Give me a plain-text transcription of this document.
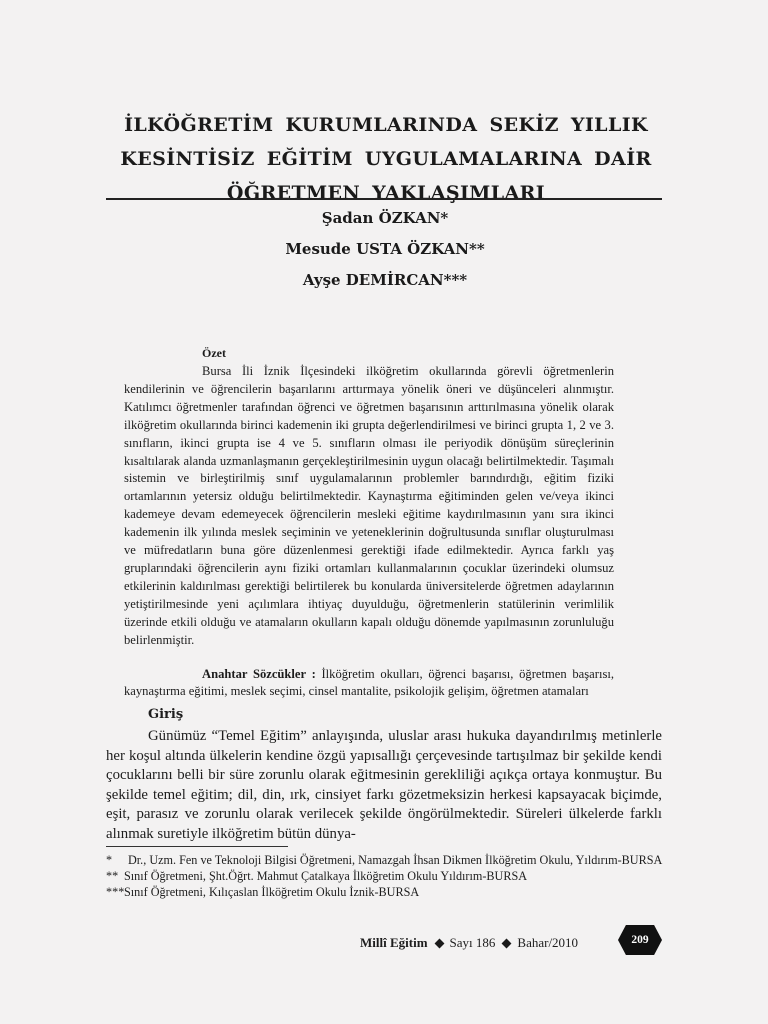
İLKÖĞRETİM KURUMLARINDA SEKİZ YILLIK
KESİNTİSİZ EĞİTİM UYGULAMALARINA DAİR
ÖĞRETMEN YAKLAŞIMLARI
Şadan ÖZKAN*
Mesude USTA ÖZKAN**
Ayşe DEMİRCAN***
Özet

Bursa İli İznik İlçesindeki ilköğretim okullarında görevli öğretmenlerin kendilerinin ve öğrencilerin başarılarını arttırmaya yönelik öneri ve düşünceleri alınmıştır. Katılımcı öğretmenler tarafından öğrenci ve öğretmen başarısının arttırılmasına yönelik olarak ilköğretim okullarında birinci kademenin iki grupta değerlendirilmesi ve birinci grupta 1, 2 ve 3. sınıfların, ikinci grupta ise 4 ve 5. sınıfların olması ile periyodik dönüşüm süreçlerinin kısaltılarak alanda uzmanlaşmanın gerçekleştirilmesinin uygun olacağı belirtilmektedir. Taşımalı sistemin ve birleştirilmiş sınıf uygulamalarının problemler barındırdığı, eğitim fiziki ortamlarının yetersiz olduğu belirtilmektedir. Kaynaştırma eğitiminden gelen ve/veya ikinci kademeye devam edemeyecek öğrencilerin mesleki eğitime kaydırılmasının yanı sıra ikinci kademenin ilk yılında meslek seçiminin ve yeteneklerinin doğrultusunda sınıflar oluşturulması ve müfredatların buna göre düzenlenmesi gerektiği ifade edilmektedir. Ayrıca farklı yaş gruplarındaki öğrencilerin aynı fiziki ortamları kullanmalarının çocuklar üzerindeki olumsuz etkilerinin kaldırılması gerektiği belirtilerek bu konularda üniversitelerde öğretmen adaylarının yetiştirilmesinde yeni açılımlara ihtiyaç duyulduğu, öğretmenlerin statülerinin verimlilik üzerinde etkili olduğu ve atamaların okulların kapalı olduğu dönemde yapılmasının zorunluluğu belirlenmiştir.

Anahtar Sözcükler : İlköğretim okulları, öğrenci başarısı, öğretmen başarısı, kaynaştırma eğitimi, meslek seçimi, cinsel mantalite, psikolojik gelişim, öğretmen atamaları

Giriş

Günümüz “Temel Eğitim” anlayışında, uluslar arası hukuka dayandırılmış metinlerle her koşul altında ülkelerin kendine özgü yapısallığı çerçevesinde tartışılmaz bir şekilde kendi çocuklarını belli bir süre zorunlu olarak eğitmesinin gerekliliği açıkça ortaya konmuştur. Bu şekilde temel eğitim; dil, din, ırk, cinsiyet farkı gözetmeksizin herkesi kapsayacak biçimde, eşit, parasız ve zorunlu olarak verilecek şekilde öngörülmektedir. Süreleri ülkelerde farklı alınmak suretiyle ilköğretim bütün dünya-

*	Dr., Uzm. Fen ve Teknoloji Bilgisi Öğretmeni, Namazgah İhsan Dikmen İlköğretim Okulu, Yıldırım-BURSA
** Sınıf Öğretmeni, Şht.Öğrt. Mahmut Çatalkaya İlköğretim Okulu Yıldırım-BURSA
*** Sınıf Öğretmeni, Kılıçaslan İlköğretim Okulu İznik-BURSA
Millî Eğitim Sayı 186 Bahar/2010	209
